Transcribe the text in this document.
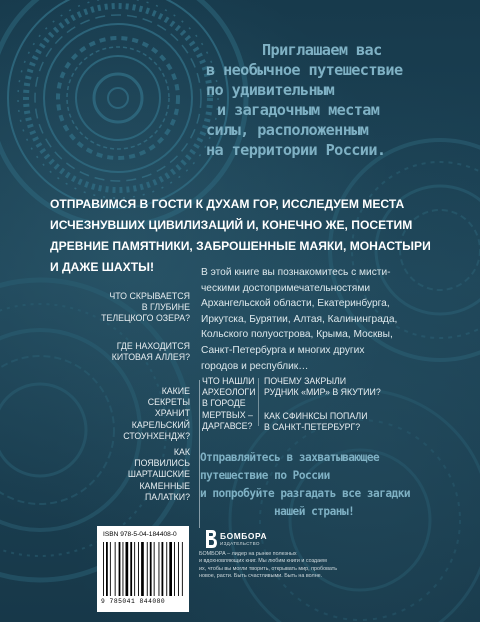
Приглашаем вас
в необычное путешествие
по удивительным
и загадочным местам
силы, расположенным
на территории России.
ОТПРАВИМСЯ В ГОСТИ К ДУХАМ ГОР, ИССЛЕДУЕМ МЕСТА
ИСЧЕЗНУВШИХ ЦИВИЛИЗАЦИЙ И, КОНЕЧНО ЖЕ, ПОСЕТИМ
ДРЕВНИЕ ПАМЯТНИКИ, ЗАБРОШЕННЫЕ МАЯКИ, МОНАСТЫРИ
И ДАЖЕ ШАХТЫ!	В этой книге вы познакомитесь с мисти-
ческими достопримечательностями
Архангельской области, Екатеринбурга,
Иркутска, Бурятии, Алтая, Калининграда,
Кольского полуострова, Крыма, Москвы,
Санкт-Петербурга и многих других
городов и республик…
ЧТО СКРЫВАЕТСЯ
В ГЛУБИНЕ
ТЕЛЕЦКОГО ОЗЕРА?
ГДЕ НАХОДИТСЯ
КИТОВАЯ АЛЛЕЯ?
КАКИЕ
СЕКРЕТЫ
ХРАНИТ
КАРЕЛЬСКИЙ
СТОУНХЕНДЖ?
КАК
ПОЯВИЛИСЬ
ШАРТАШСКИЕ
КАМЕННЫЕ
ПАЛАТКИ?
ЧТО НАШЛИ
АРХЕОЛОГИ
В ГОРОДЕ
МЕРТВЫХ –
ДАРГАВСЕ?
ПОЧЕМУ ЗАКРЫЛИ
РУДНИК «МИР» В ЯКУТИИ?
КАК СФИНКСЫ ПОПАЛИ
В САНКТ-ПЕТЕРБУРГ?
Отправляйтесь в захватывающее
путешествие по России
и попробуйте разгадать все загадки
нашей страны!
ISBN 978-5-04-184408-0
9 785041 844080
БОМБОРА
ИЗДАТЕЛЬСТВО
БОМБОРА – лидер на рынке полезных
и вдохновляющих книг. Мы любим книги и создаем
их, чтобы вы могли творить, открывать мир, пробовать
новое, расти. Быть счастливыми. Быть на волне.
